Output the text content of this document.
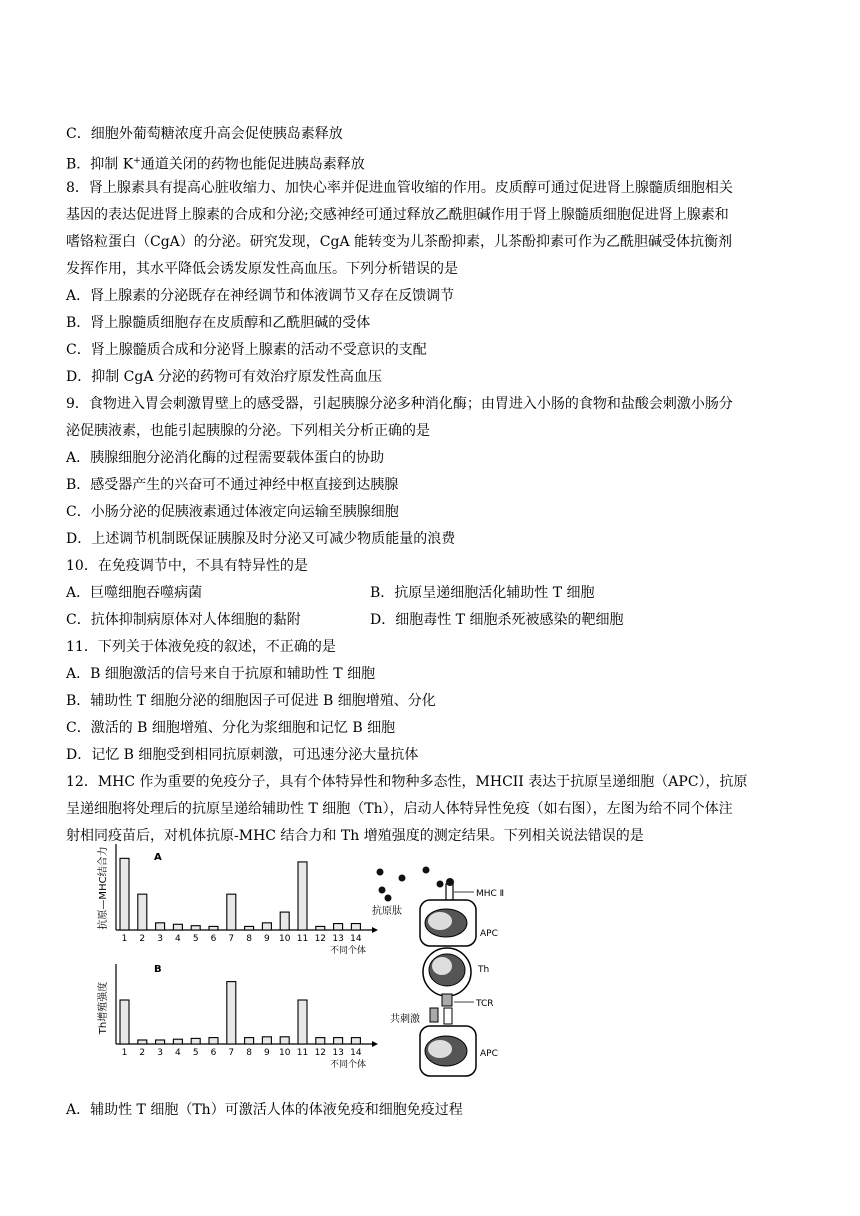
C．细胞外葡萄糖浓度升高会促使胰岛素释放
B．抑制 K+通道关闭的药物也能促进胰岛素释放
8．肾上腺素具有提高心脏收缩力、加快心率并促进血管收缩的作用。皮质醇可通过促进肾上腺髓质细胞相关
基因的表达促进肾上腺素的合成和分泌;交感神经可通过释放乙酰胆碱作用于肾上腺髓质细胞促进肾上腺素和
嗜铬粒蛋白（CgA）的分泌。研究发现，CgA 能转变为儿茶酚抑素，儿茶酚抑素可作为乙酰胆碱受体抗衡剂
发挥作用，其水平降低会诱发原发性高血压。下列分析错误的是
A．肾上腺素的分泌既存在神经调节和体液调节又存在反馈调节
B．肾上腺髓质细胞存在皮质醇和乙酰胆碱的受体
C．肾上腺髓质合成和分泌肾上腺素的活动不受意识的支配
D．抑制 CgA 分泌的药物可有效治疗原发性高血压
9．食物进入胃会刺激胃壁上的感受器，引起胰腺分泌多种消化酶；由胃进入小肠的食物和盐酸会刺激小肠分
泌促胰液素，也能引起胰腺的分泌。下列相关分析正确的是
A．胰腺细胞分泌消化酶的过程需要载体蛋白的协助
B．感受器产生的兴奋可不通过神经中枢直接到达胰腺
C．小肠分泌的促胰液素通过体液定向运输至胰腺细胞
D．上述调节机制既保证胰腺及时分泌又可减少物质能量的浪费
10．在免疫调节中，不具有特异性的是
A．巨噬细胞吞噬病菌	B．抗原呈递细胞活化辅助性 T 细胞
C．抗体抑制病原体对人体细胞的黏附	D．细胞毒性 T 细胞杀死被感染的靶细胞
11．下列关于体液免疫的叙述，不正确的是
A．B 细胞激活的信号来自于抗原和辅助性 T 细胞
B．辅助性 T 细胞分泌的细胞因子可促进 B 细胞增殖、分化
C．激活的 B 细胞增殖、分化为浆细胞和记忆 B 细胞
D．记忆 B 细胞受到相同抗原刺激，可迅速分泌大量抗体
12．MHC 作为重要的免疫分子，具有个体特异性和物种多态性，MHCII 表达于抗原呈递细胞（APC），抗原
呈递细胞将处理后的抗原呈递给辅助性 T 细胞（Th），启动人体特异性免疫（如右图），左图为给不同个体注
射相同疫苗后，对机体抗原-MHC 结合力和 Th 增殖强度的测定结果。下列相关说法错误的是
抗原—MHC结合力	A
1 2 3 4 5 6 7 8 9 10 11 12 13 14
不同个体
Th增殖强度
B
1 2 3 4 5 6 7 8 9 10 11 12 13 14
不同个体
抗原肽
MHC Ⅱ
APC
Th
TCR
共刺激
APC
A．辅助性 T 细胞（Th）可激活人体的体液免疫和细胞免疫过程
